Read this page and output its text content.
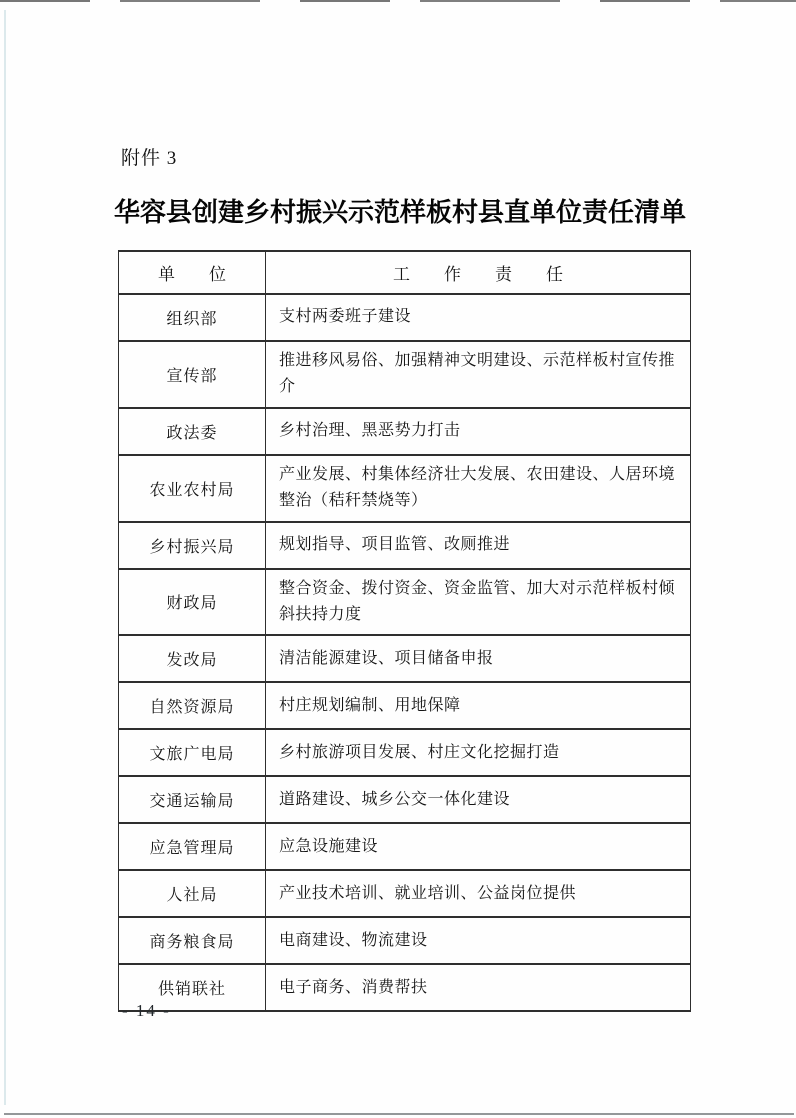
附件 3
华容县创建乡村振兴示范样板村县直单位责任清单
单　　位	工　　作　　责　　任
组织部	支村两委班子建设
宣传部	推进移风易俗、加强精神文明建设、示范样板村宣传推介
政法委	乡村治理、黑恶势力打击
农业农村局	产业发展、村集体经济壮大发展、农田建设、人居环境整治（秸秆禁烧等）
乡村振兴局	规划指导、项目监管、改厕推进
财政局	整合资金、拨付资金、资金监管、加大对示范样板村倾斜扶持力度
发改局	清洁能源建设、项目储备申报
自然资源局	村庄规划编制、用地保障
文旅广电局	乡村旅游项目发展、村庄文化挖掘打造
交通运输局	道路建设、城乡公交一体化建设
应急管理局	应急设施建设
人社局	产业技术培训、就业培训、公益岗位提供
商务粮食局	电商建设、物流建设
供销联社	电子商务、消费帮扶
- 14 -
